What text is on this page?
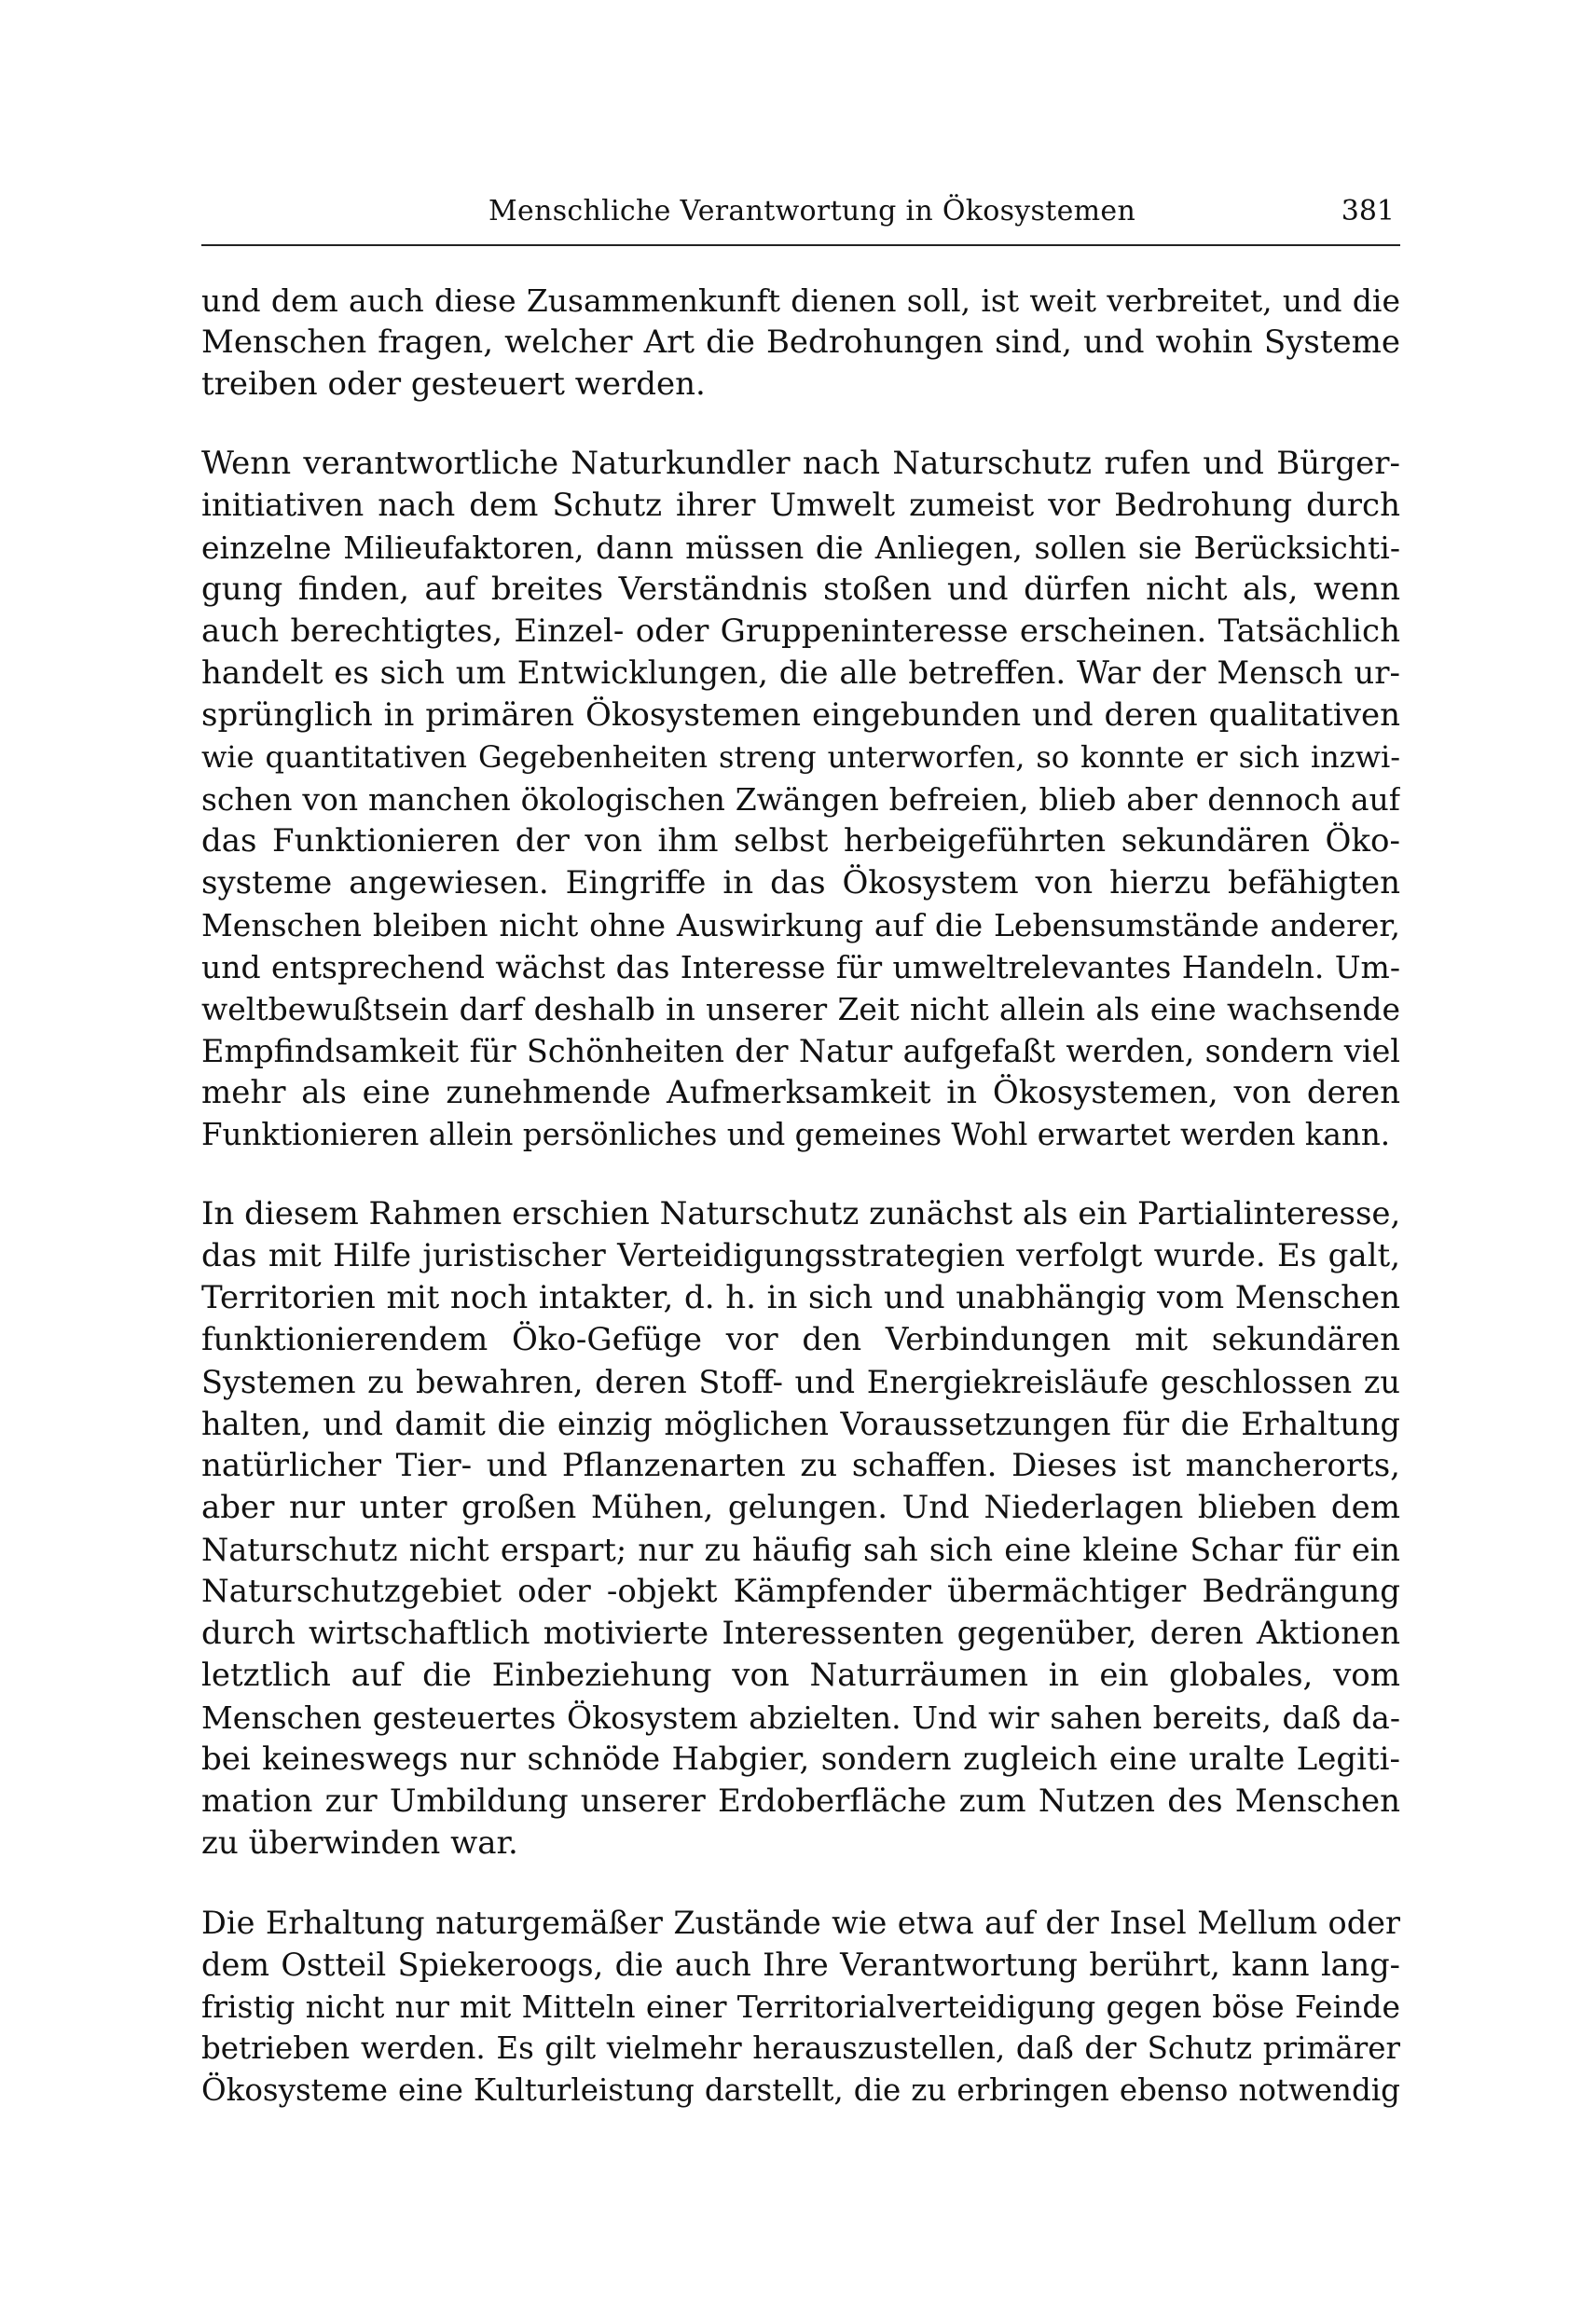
Menschliche Verantwortung in Ökosystemen	381
und dem auch diese Zusammenkunft dienen soll, ist weit verbreitet, und die
Menschen fragen, welcher Art die Bedrohungen sind, und wohin Systeme
treiben oder gesteuert werden.
Wenn verantwortliche Naturkundler nach Naturschutz rufen und Bürger-
initiativen nach dem Schutz ihrer Umwelt zumeist vor Bedrohung durch
einzelne Milieufaktoren, dann müssen die Anliegen, sollen sie Berücksichti-
gung finden, auf breites Verständnis stoßen und dürfen nicht als, wenn
auch berechtigtes, Einzel- oder Gruppeninteresse erscheinen. Tatsächlich
handelt es sich um Entwicklungen, die alle betreffen. War der Mensch ur-
sprünglich in primären Ökosystemen eingebunden und deren qualitativen
wie quantitativen Gegebenheiten streng unterworfen, so konnte er sich inzwi-
schen von manchen ökologischen Zwängen befreien, blieb aber dennoch auf
das Funktionieren der von ihm selbst herbeigeführten sekundären Öko-
systeme angewiesen. Eingriffe in das Ökosystem von hierzu befähigten
Menschen bleiben nicht ohne Auswirkung auf die Lebensumstände anderer,
und entsprechend wächst das Interesse für umweltrelevantes Handeln. Um-
weltbewußtsein darf deshalb in unserer Zeit nicht allein als eine wachsende
Empfindsamkeit für Schönheiten der Natur aufgefaßt werden, sondern viel
mehr als eine zunehmende Aufmerksamkeit in Ökosystemen, von deren
Funktionieren allein persönliches und gemeines Wohl erwartet werden kann.
In diesem Rahmen erschien Naturschutz zunächst als ein Partialinteresse,
das mit Hilfe juristischer Verteidigungsstrategien verfolgt wurde. Es galt,
Territorien mit noch intakter, d. h. in sich und unabhängig vom Menschen
funktionierendem Öko-Gefüge vor den Verbindungen mit sekundären
Systemen zu bewahren, deren Stoff- und Energiekreisläufe geschlossen zu
halten, und damit die einzig möglichen Voraussetzungen für die Erhaltung
natürlicher Tier- und Pflanzenarten zu schaffen. Dieses ist mancherorts,
aber nur unter großen Mühen, gelungen. Und Niederlagen blieben dem
Naturschutz nicht erspart; nur zu häufig sah sich eine kleine Schar für ein
Naturschutzgebiet oder -objekt Kämpfender übermächtiger Bedrängung
durch wirtschaftlich motivierte Interessenten gegenüber, deren Aktionen
letztlich auf die Einbeziehung von Naturräumen in ein globales, vom
Menschen gesteuertes Ökosystem abzielten. Und wir sahen bereits, daß da-
bei keineswegs nur schnöde Habgier, sondern zugleich eine uralte Legiti-
mation zur Umbildung unserer Erdoberfläche zum Nutzen des Menschen
zu überwinden war.
Die Erhaltung naturgemäßer Zustände wie etwa auf der Insel Mellum oder
dem Ostteil Spiekeroogs, die auch Ihre Verantwortung berührt, kann lang-
fristig nicht nur mit Mitteln einer Territorialverteidigung gegen böse Feinde
betrieben werden. Es gilt vielmehr herauszustellen, daß der Schutz primärer
Ökosysteme eine Kulturleistung darstellt, die zu erbringen ebenso notwendig
